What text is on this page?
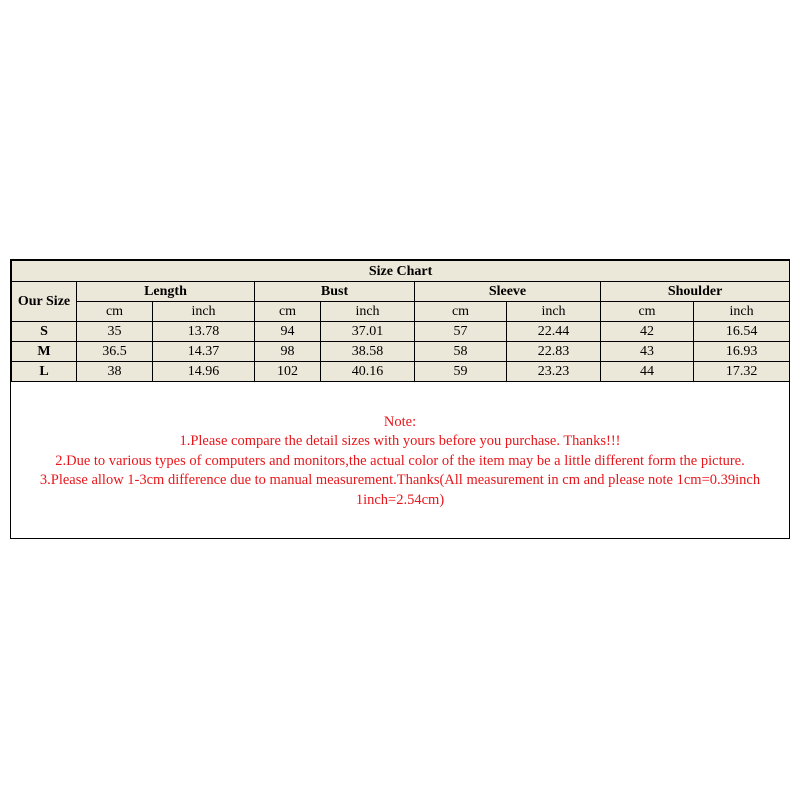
Size Chart								
Our Size	Length		Bust		Sleeve		Shoulder	
	cm	inch	cm	inch	cm	inch	cm	inch
S	35	13.78	94	37.01	57	22.44	42	16.54
M	36.5	14.37	98	38.58	58	22.83	43	16.93
L	38	14.96	102	40.16	59	23.23	44	17.32
Note:
1.Please compare the detail sizes with yours before you purchase. Thanks!!!
2.Due to various types of computers and monitors,the actual color of the item may be a little different form the picture.
3.Please allow 1-3cm difference due to manual measurement.Thanks(All measurement in cm and please note 1cm=0.39inch
1inch=2.54cm)
